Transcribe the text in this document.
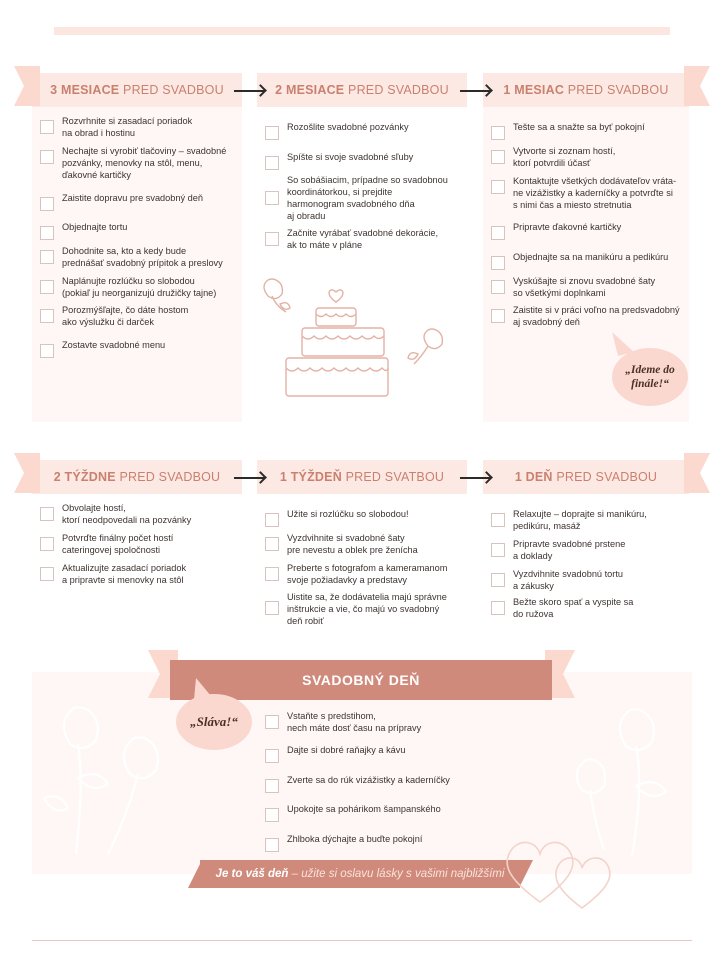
3 MESIACE PRED SVADBOU	2 MESIACE PRED SVADBOU	1 MESIAC PRED SVADBOU
Rozvrhnite si zasadací poriadok
na obrad i hostinu
Nechajte si vyrobiť tlačoviny – svadobné
pozvánky, menovky na stôl, menu,
ďakovné kartičky
Zaistite dopravu pre svadobný deň
Objednajte tortu
Dohodnite sa, kto a kedy bude
prednášať svadobný prípitok a preslovy
Naplánujte rozlúčku so slobodou
(pokiaľ ju neorganizujú družičky tajne)
Porozmýšľajte, čo dáte hostom
ako výslužku či darček
Zostavte svadobné menu
Rozošlite svadobné pozvánky
Spíšte si svoje svadobné sľuby
So sobášiacim, prípadne so svadobnou
koordinátorkou, si prejdite
harmonogram svadobného dňa
aj obradu
Začnite vyrábať svadobné dekorácie,
ak to máte v pláne
Tešte sa a snažte sa byť pokojní
Vytvorte si zoznam hostí,
ktorí potvrdili účasť
Kontaktujte všetkých dodávateľov vráta-
ne vizážistky a kaderníčky a potvrďte si
s nimi čas a miesto stretnutia
Pripravte ďakovné kartičky
Objednajte sa na manikúru a pedikúru
Vyskúšajte si znovu svadobné šaty
so všetkými doplnkami
Zaistite si v práci voľno na predsvadobný
aj svadobný deň
„Ideme do
finále!“
2 TÝŽDNE PRED SVADBOU	1 TÝŽDEŇ PRED SVATBOU	1 DEŇ PRED SVADBOU
Obvolajte hostí,
ktorí neodpovedali na pozvánky
Potvrďte finálny počet hostí
cateringovej spoločnosti
Aktualizujte zasadací poriadok
a pripravte si menovky na stôl
Užite si rozlúčku so slobodou!
Vyzdvihnite si svadobné šaty
pre nevestu a oblek pre ženícha
Preberte s fotografom a kameramanom
svoje požiadavky a predstavy
Uistite sa, že dodávatelia majú správne
inštrukcie a vie, čo majú vo svadobný
deň robiť
Relaxujte – doprajte si manikúru,
pedikúru, masáž
Pripravte svadobné prstene
a doklady
Vyzdvihnite svadobnú tortu
a zákusky
Bežte skoro spať a vyspite sa
do ružova
SVADOBNÝ DEŇ
„Sláva!“	Vstaňte s predstihom,
nech máte dosť času na prípravy
Dajte si dobré raňajky a kávu
Zverte sa do rúk vizážistky a kaderníčky
Upokojte sa pohárikom šampanského
Zhlboka dýchajte a buďte pokojní
Je to váš deň – užite si oslavu lásky s vašimi najbližšími
